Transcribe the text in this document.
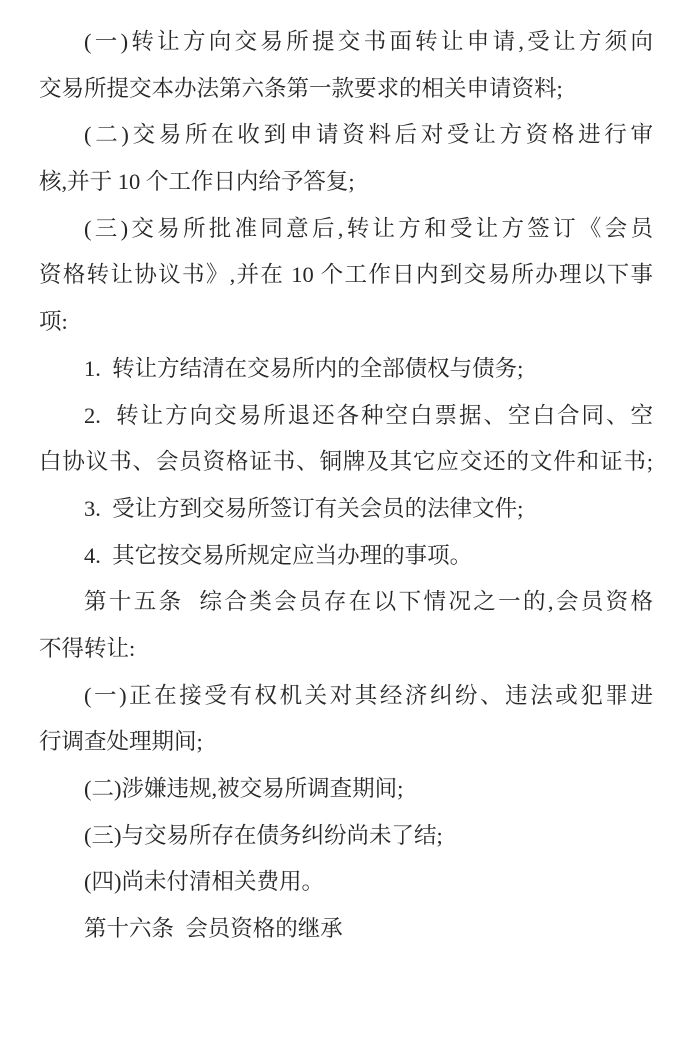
(一)转让方向交易所提交书面转让申请,受让方须向
交易所提交本办法第六条第一款要求的相关申请资料;
(二)交易所在收到申请资料后对受让方资格进行审
核,并于 10 个工作日内给予答复;
(三)交易所批准同意后,转让方和受让方签订《会员
资格转让协议书》,并在 10 个工作日内到交易所办理以下事
项:
1.  转让方结清在交易所内的全部债权与债务;
2.  转让方向交易所退还各种空白票据、空白合同、空
白协议书、会员资格证书、铜牌及其它应交还的文件和证书;
3.  受让方到交易所签订有关会员的法律文件;
4.  其它按交易所规定应当办理的事项。
第十五条  综合类会员存在以下情况之一的,会员资格
不得转让:
(一)正在接受有权机关对其经济纠纷、违法或犯罪进
行调查处理期间;
(二)涉嫌违规,被交易所调查期间;
(三)与交易所存在债务纠纷尚未了结;
(四)尚未付清相关费用。
第十六条  会员资格的继承
